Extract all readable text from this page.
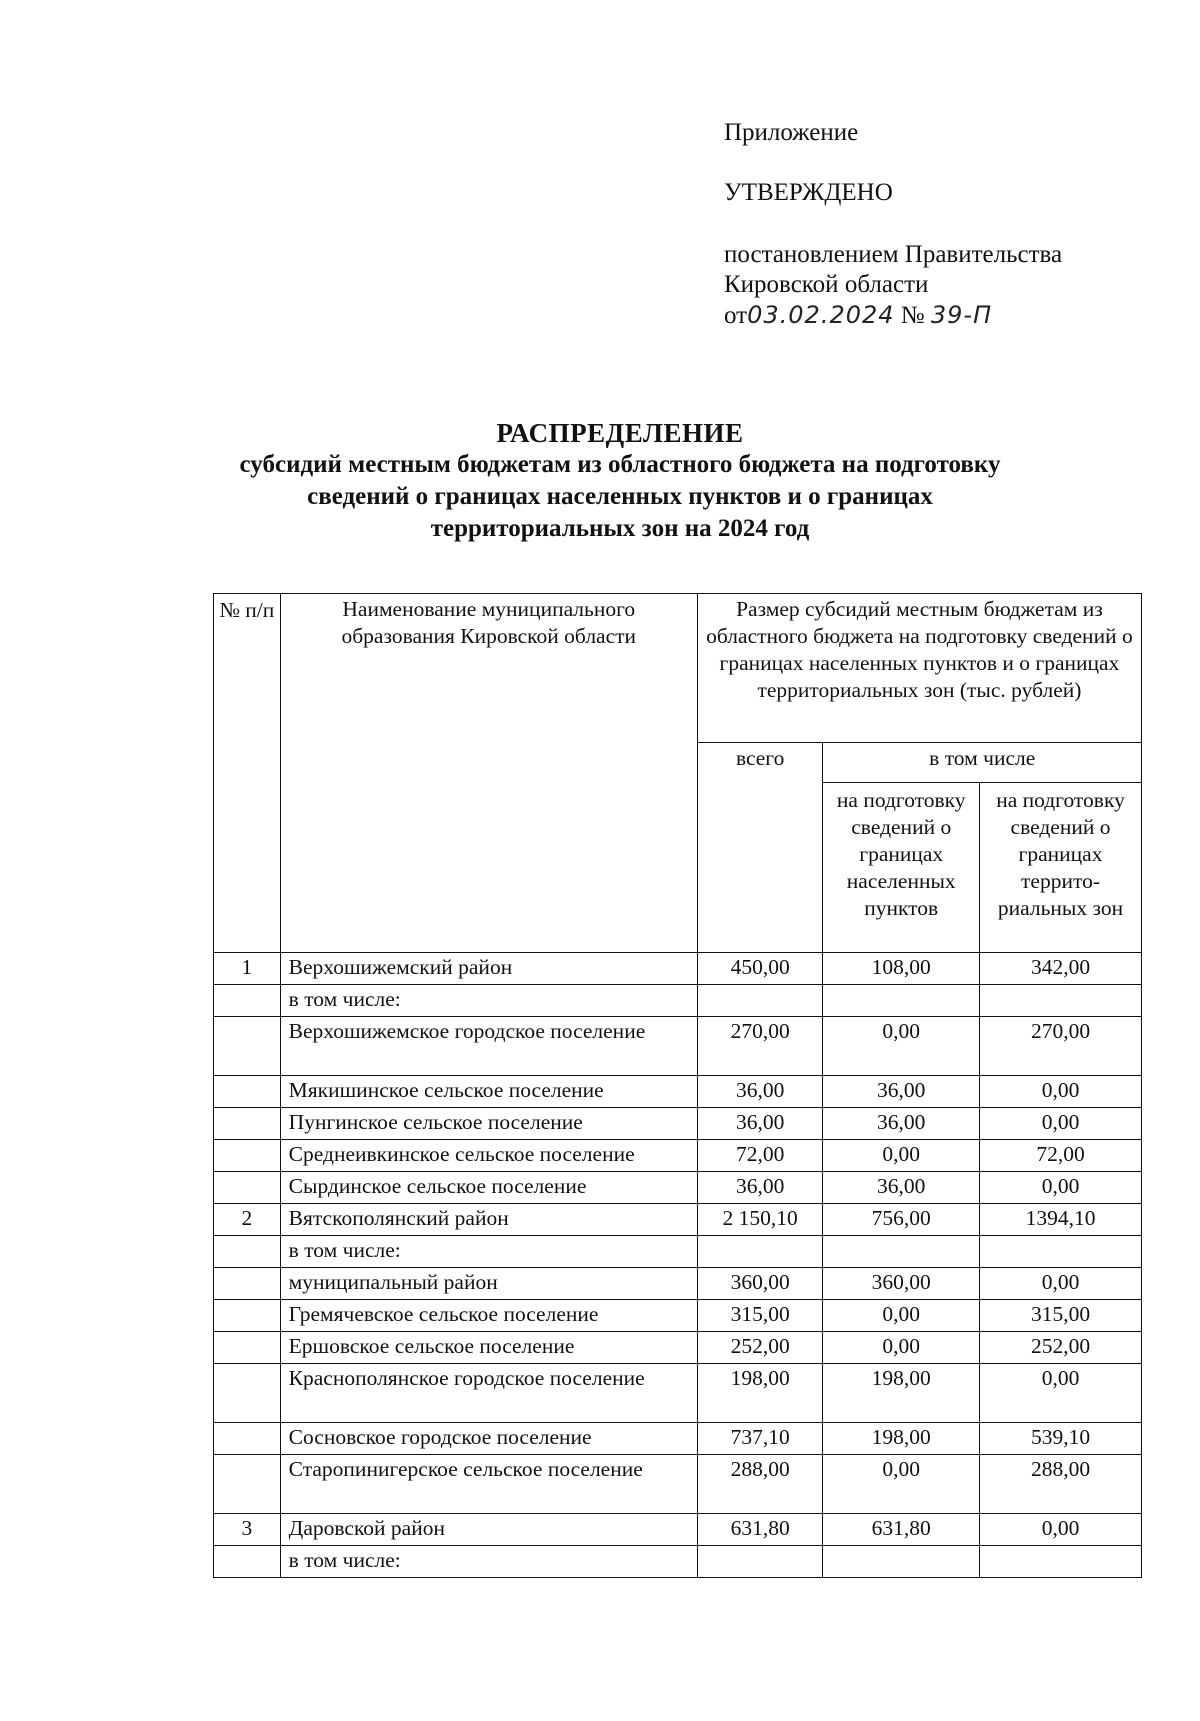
Приложение
УТВЕРЖДЕНО
постановлением Правительства
Кировской области
от03.02.2024 № 39-П
РАСПРЕДЕЛЕНИЕ
субсидий местным бюджетам из областного бюджета на подготовку
сведений о границах населенных пунктов и о границах
территориальных зон на 2024 год
№ п/п	Наименование муниципального образования Кировской области	Размер субсидий местным бюджетам из областного бюджета на подготовку сведений о границах населенных пунктов и о границах территориальных зон (тыс. рублей)		
		всего	в том числе	
			на подготовку сведений о границах населенных пунктов	на подготовку сведений о границах террито-риальных зон
1	Верхошижемский район	450,00	108,00	342,00
	в том числе:			
	Верхошижемское городское поселение	270,00	0,00	270,00
	Мякишинское сельское поселение	36,00	36,00	0,00
	Пунгинское сельское поселение	36,00	36,00	0,00
	Среднеивкинское сельское поселение	72,00	0,00	72,00
	Сырдинское сельское поселение	36,00	36,00	0,00
2	Вятскополянский район	2 150,10	756,00	1394,10
	в том числе:			
	муниципальный район	360,00	360,00	0,00
	Гремячевское сельское поселение	315,00	0,00	315,00
	Ершовское сельское поселение	252,00	0,00	252,00
	Краснополянское городское поселение	198,00	198,00	0,00
	Сосновское городское поселение	737,10	198,00	539,10
	Старопинигерское сельское поселение	288,00	0,00	288,00
3	Даровской район	631,80	631,80	0,00
	в том числе:			
